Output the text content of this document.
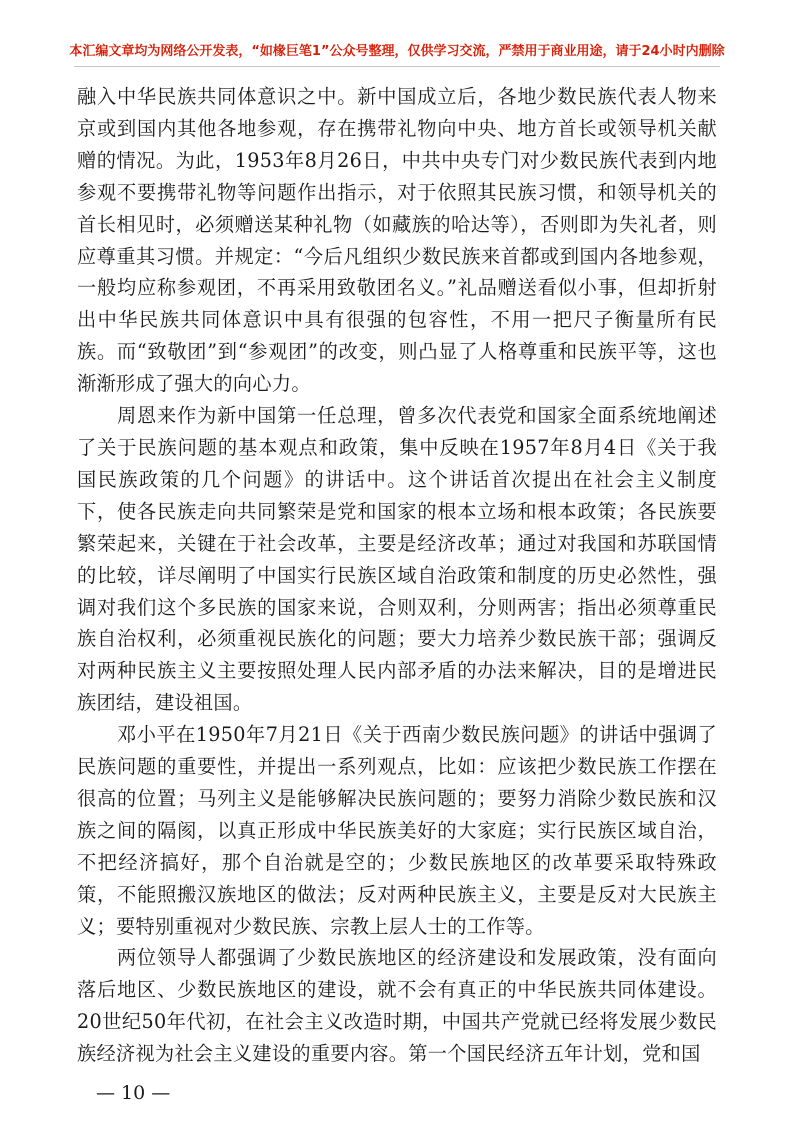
本汇编文章均为网络公开发表，“如椽巨笔1”公众号整理，仅供学习交流，严禁用于商业用途，请于24小时内删除

融入中华民族共同体意识之中。新中国成立后，各地少数民族代表人物来京或到国内其他各地参观，存在携带礼物向中央、地方首长或领导机关献赠的情况。为此，1953年8月26日，中共中央专门对少数民族代表到内地参观不要携带礼物等问题作出指示，对于依照其民族习惯，和领导机关的首长相见时，必须赠送某种礼物（如藏族的哈达等），否则即为失礼者，则应尊重其习惯。并规定：“今后凡组织少数民族来首都或到国内各地参观，一般均应称参观团，不再采用致敬团名义。”礼品赠送看似小事，但却折射出中华民族共同体意识中具有很强的包容性，不用一把尺子衡量所有民族。而“致敬团”到“参观团”的改变，则凸显了人格尊重和民族平等，这也渐渐形成了强大的向心力。

周恩来作为新中国第一任总理，曾多次代表党和国家全面系统地阐述了关于民族问题的基本观点和政策，集中反映在1957年8月4日《关于我国民族政策的几个问题》的讲话中。这个讲话首次提出在社会主义制度下，使各民族走向共同繁荣是党和国家的根本立场和根本政策；各民族要繁荣起来，关键在于社会改革，主要是经济改革；通过对我国和苏联国情的比较，详尽阐明了中国实行民族区域自治政策和制度的历史必然性，强调对我们这个多民族的国家来说，合则双利，分则两害；指出必须尊重民族自治权利，必须重视民族化的问题；要大力培养少数民族干部；强调反对两种民族主义主要按照处理人民内部矛盾的办法来解决，目的是增进民族团结，建设祖国。

邓小平在1950年7月21日《关于西南少数民族问题》的讲话中强调了民族问题的重要性，并提出一系列观点，比如：应该把少数民族工作摆在很高的位置；马列主义是能够解决民族问题的；要努力消除少数民族和汉族之间的隔阂，以真正形成中华民族美好的大家庭；实行民族区域自治，不把经济搞好，那个自治就是空的；少数民族地区的改革要采取特殊政策，不能照搬汉族地区的做法；反对两种民族主义，主要是反对大民族主义；要特别重视对少数民族、宗教上层人士的工作等。

两位领导人都强调了少数民族地区的经济建设和发展政策，没有面向落后地区、少数民族地区的建设，就不会有真正的中华民族共同体建设。20世纪50年代初，在社会主义改造时期，中国共产党就已经将发展少数民族经济视为社会主义建设的重要内容。第一个国民经济五年计划，党和国

— 10 —
